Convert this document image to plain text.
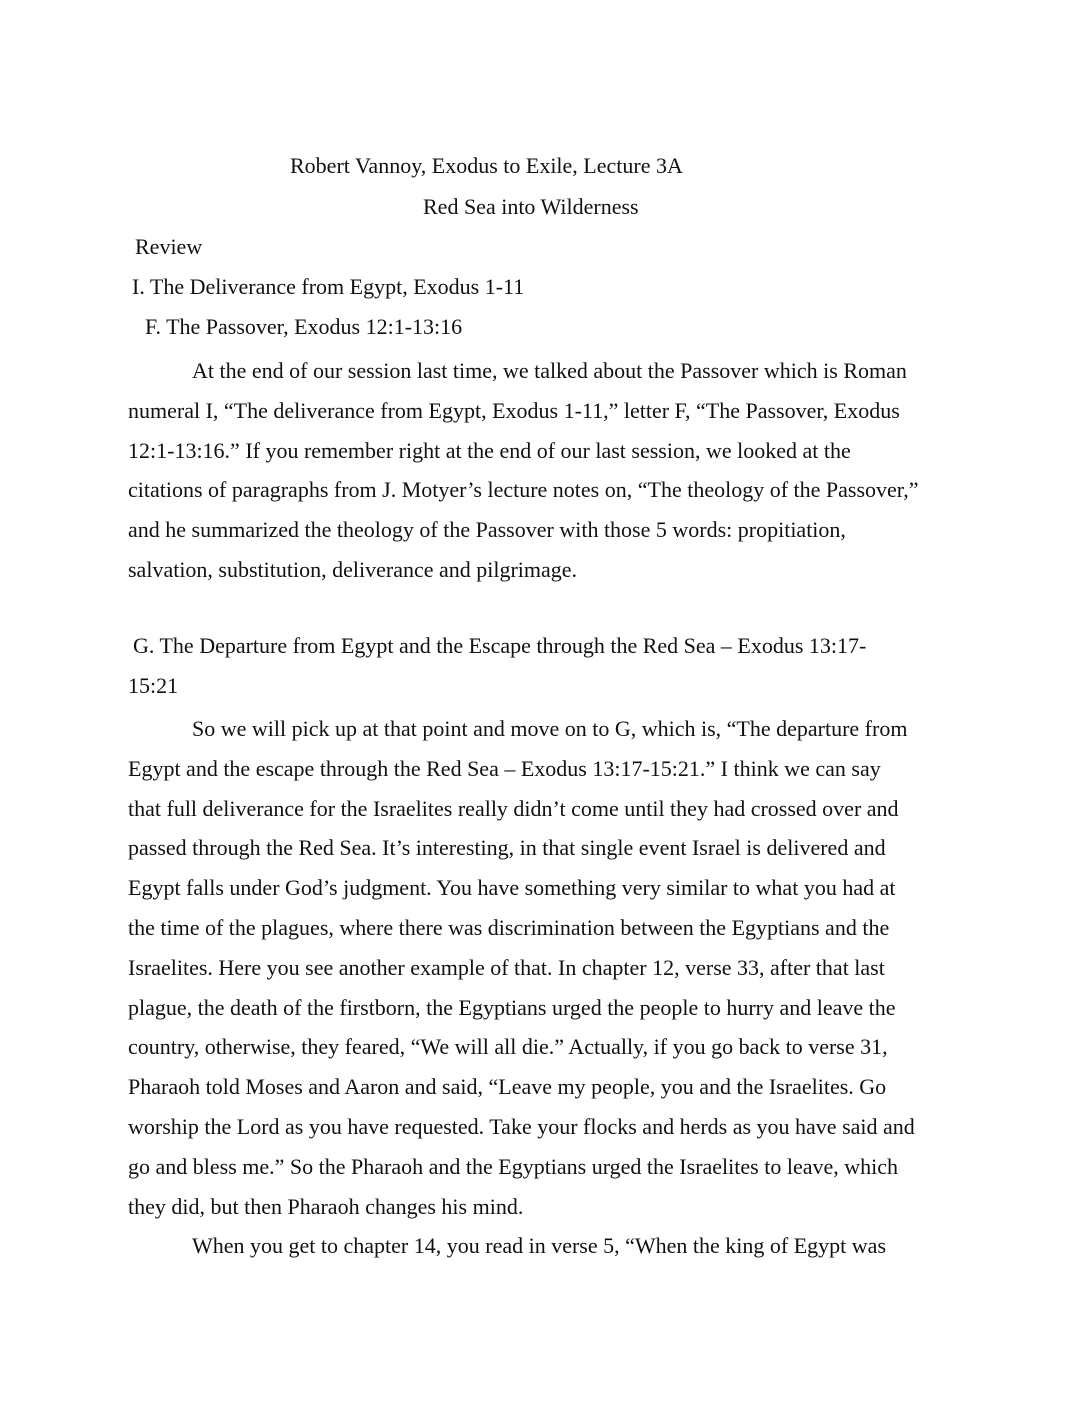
Robert Vannoy, Exodus to Exile, Lecture 3A
Red Sea into Wilderness
Review
I. The Deliverance from Egypt, Exodus 1-11
F. The Passover, Exodus 12:1-13:16
At the end of our session last time, we talked about the Passover which is Roman
numeral I, “The deliverance from Egypt, Exodus 1-11,” letter F, “The Passover, Exodus
12:1-13:16.” If you remember right at the end of our last session, we looked at the
citations of paragraphs from J. Motyer’s lecture notes on, “The theology of the Passover,”
and he summarized the theology of the Passover with those 5 words: propitiation,
salvation, substitution, deliverance and pilgrimage.
G. The Departure from Egypt and the Escape through the Red Sea – Exodus 13:17-
15:21
So we will pick up at that point and move on to G, which is, “The departure from
Egypt and the escape through the Red Sea – Exodus 13:17-15:21.” I think we can say
that full deliverance for the Israelites really didn’t come until they had crossed over and
passed through the Red Sea. It’s interesting, in that single event Israel is delivered and
Egypt falls under God’s judgment. You have something very similar to what you had at
the time of the plagues, where there was discrimination between the Egyptians and the
Israelites. Here you see another example of that. In chapter 12, verse 33, after that last
plague, the death of the firstborn, the Egyptians urged the people to hurry and leave the
country, otherwise, they feared, “We will all die.” Actually, if you go back to verse 31,
Pharaoh told Moses and Aaron and said, “Leave my people, you and the Israelites. Go
worship the Lord as you have requested. Take your flocks and herds as you have said and
go and bless me.” So the Pharaoh and the Egyptians urged the Israelites to leave, which
they did, but then Pharaoh changes his mind.
When you get to chapter 14, you read in verse 5, “When the king of Egypt was
